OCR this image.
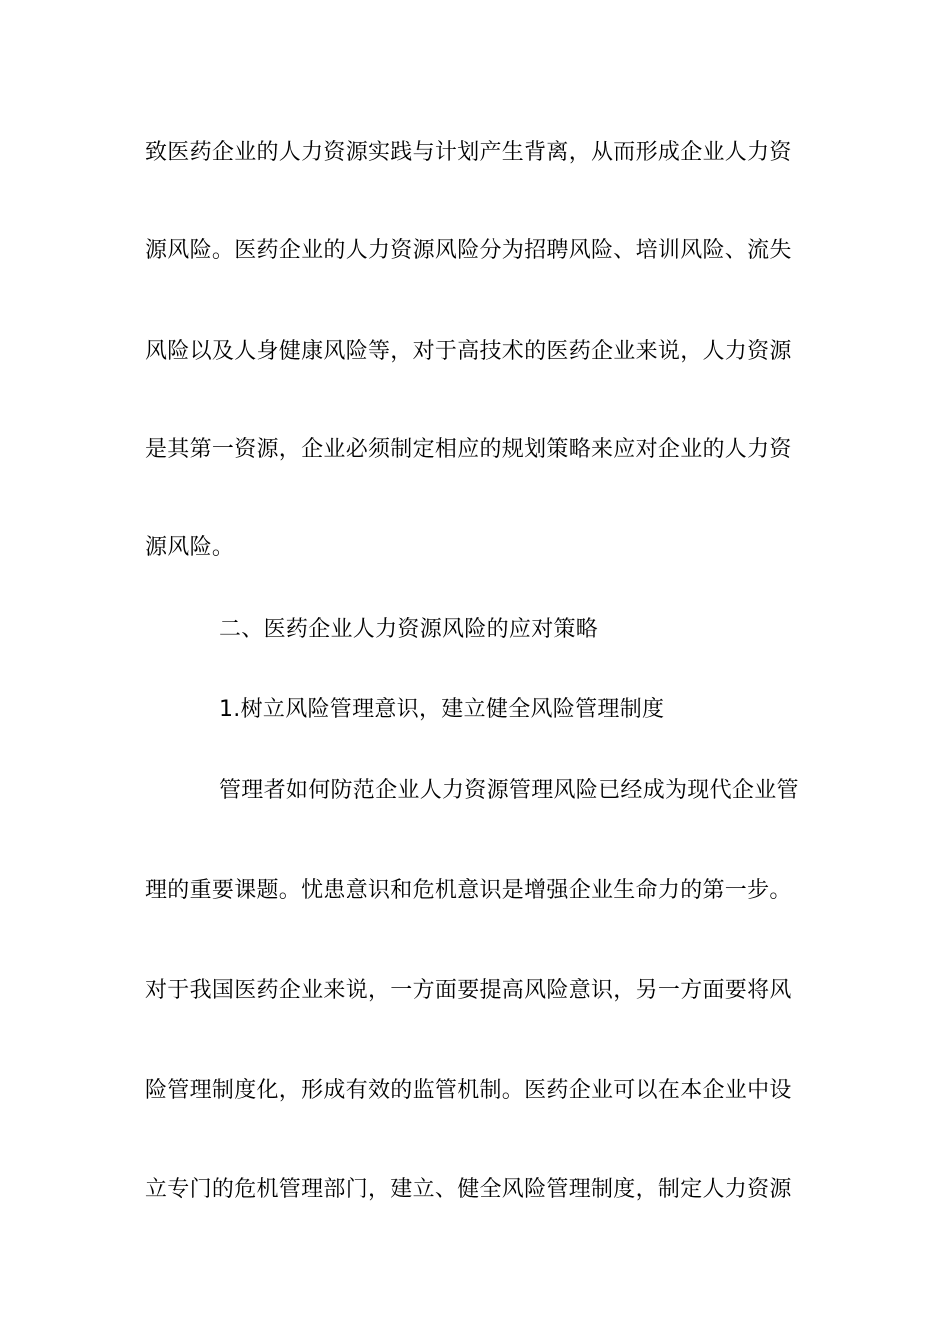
致医药企业的人力资源实践与计划产生背离，从而形成企业人力资
源风险。医药企业的人力资源风险分为招聘风险、培训风险、流失
风险以及人身健康风险等，对于高技术的医药企业来说，人力资源
是其第一资源，企业必须制定相应的规划策略来应对企业的人力资
源风险。
二、医药企业人力资源风险的应对策略
1.树立风险管理意识，建立健全风险管理制度
管理者如何防范企业人力资源管理风险已经成为现代企业管
理的重要课题。忧患意识和危机意识是增强企业生命力的第一步。
对于我国医药企业来说，一方面要提高风险意识，另一方面要将风
险管理制度化，形成有效的监管机制。医药企业可以在本企业中设
立专门的危机管理部门，建立、健全风险管理制度，制定人力资源
